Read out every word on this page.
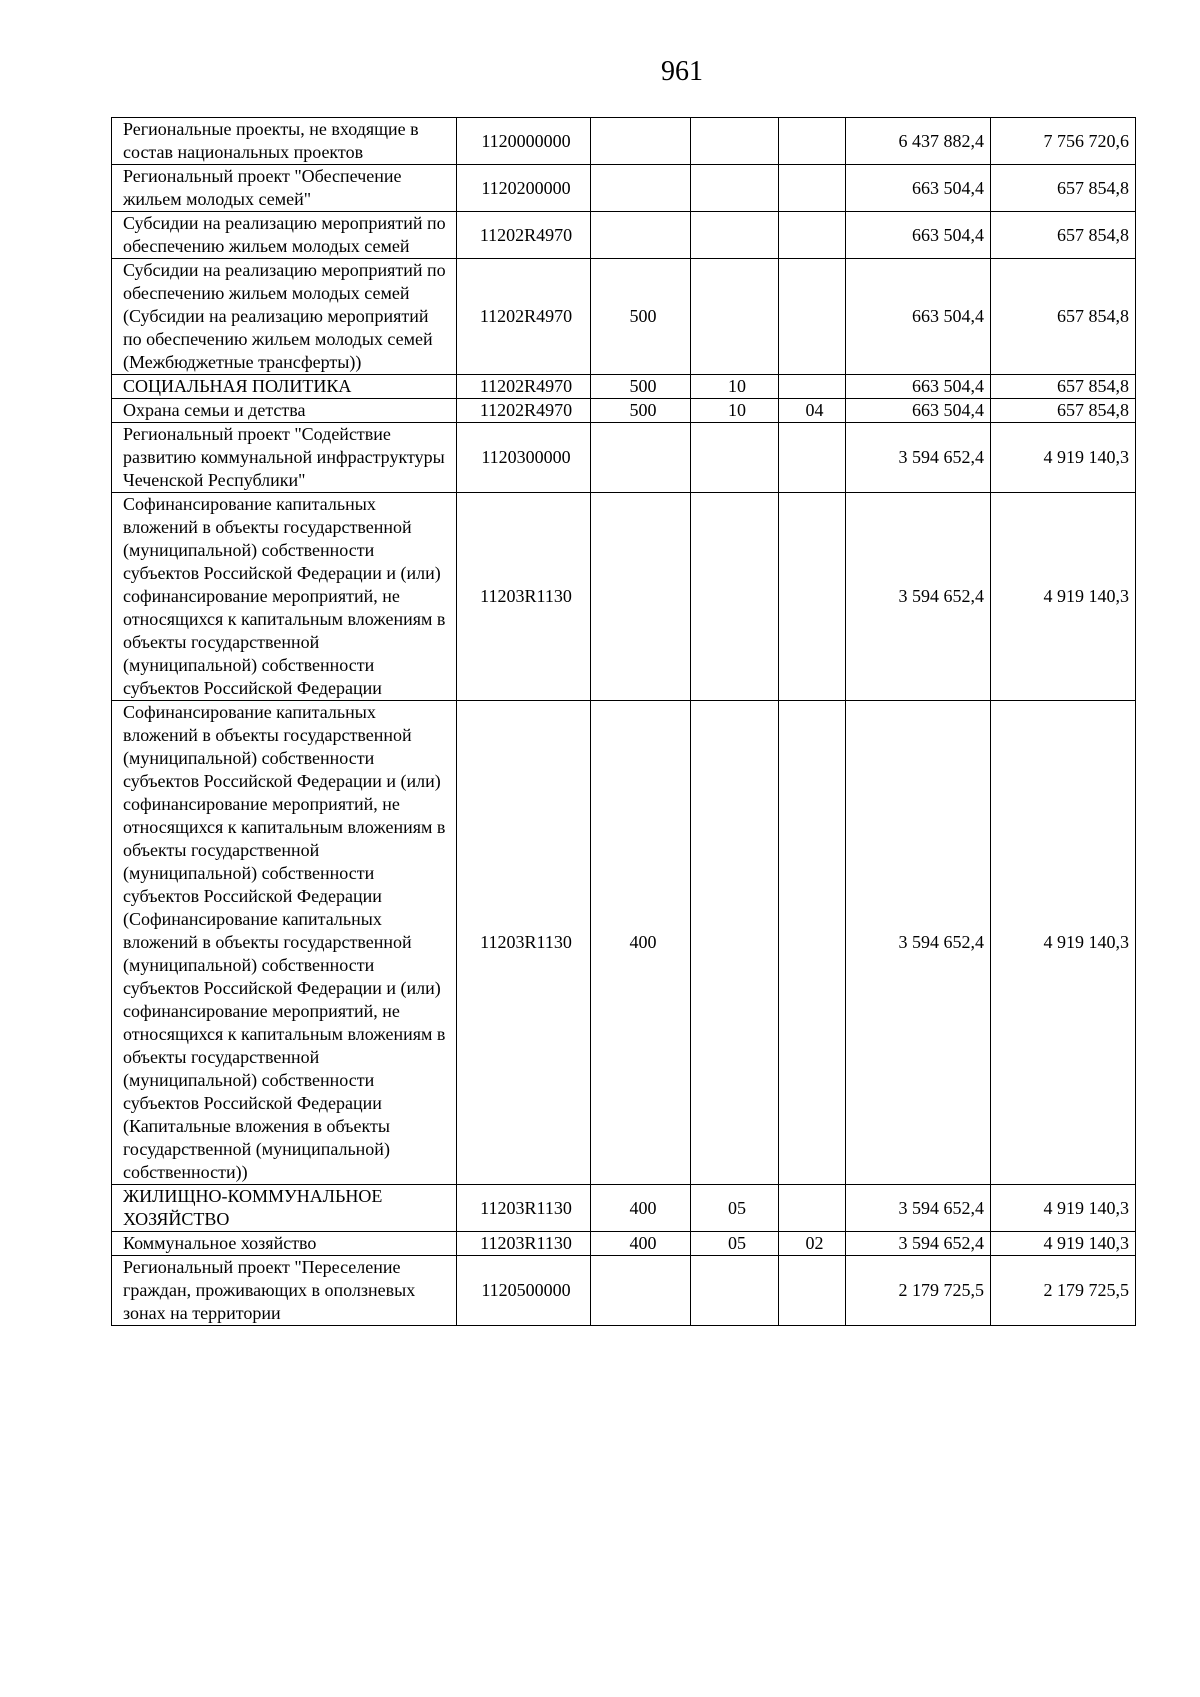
961
Региональные проекты, не входящие в состав национальных проектов	1120000000				6 437 882,4	7 756 720,6
Региональный проект "Обеспечение жильем молодых семей"	1120200000				663 504,4	657 854,8
Субсидии на реализацию мероприятий по обеспечению жильем молодых семей	11202R4970				663 504,4	657 854,8
Субсидии на реализацию мероприятий по обеспечению жильем молодых семей (Субсидии на реализацию мероприятий по обеспечению жильем молодых семей (Межбюджетные трансферты))	11202R4970	500			663 504,4	657 854,8
СОЦИАЛЬНАЯ ПОЛИТИКА	11202R4970	500	10		663 504,4	657 854,8
Охрана семьи и детства	11202R4970	500	10	04	663 504,4	657 854,8
Региональный проект "Содействие развитию коммунальной инфраструктуры Чеченской Республики"	1120300000				3 594 652,4	4 919 140,3
Софинансирование капитальных вложений в объекты государственной (муниципальной) собственности субъектов Российской Федерации и (или) софинансирование мероприятий, не относящихся к капитальным вложениям в объекты государственной (муниципальной) собственности субъектов Российской Федерации	11203R1130				3 594 652,4	4 919 140,3
Софинансирование капитальных вложений в объекты государственной (муниципальной) собственности субъектов Российской Федерации и (или) софинансирование мероприятий, не относящихся к капитальным вложениям в объекты государственной (муниципальной) собственности субъектов Российской Федерации (Софинансирование капитальных вложений в объекты государственной (муниципальной) собственности субъектов Российской Федерации и (или) софинансирование мероприятий, не относящихся к капитальным вложениям в объекты государственной (муниципальной) собственности субъектов Российской Федерации (Капитальные вложения в объекты государственной (муниципальной) собственности))	11203R1130	400			3 594 652,4	4 919 140,3
ЖИЛИЩНО-КОММУНАЛЬНОЕ ХОЗЯЙСТВО	11203R1130	400	05		3 594 652,4	4 919 140,3
Коммунальное хозяйство	11203R1130	400	05	02	3 594 652,4	4 919 140,3
Региональный проект "Переселение граждан, проживающих в оползневых зонах на территории	1120500000				2 179 725,5	2 179 725,5
